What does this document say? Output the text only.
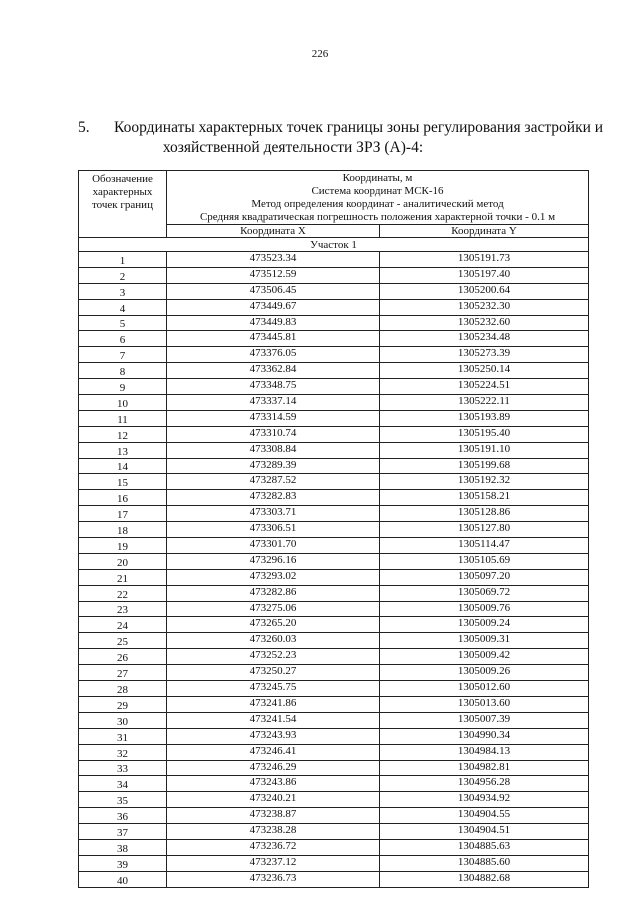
226
5. Координаты характерных точек границы зоны регулирования застройки и
хозяйственной деятельности ЗРЗ (А)-4:
Обозначение характерных точек границ	Координаты, м
Система координат МСК-16
Метод определения координат - аналитический метод
Средняя квадратическая погрешность положения характерной точки - 0.1 м	

	Координата X	Координата Y
Участок 1		
1	473523.34	1305191.73
2	473512.59	1305197.40
3	473506.45	1305200.64
4	473449.67	1305232.30
5	473449.83	1305232.60
6	473445.81	1305234.48
7	473376.05	1305273.39
8	473362.84	1305250.14
9	473348.75	1305224.51
10	473337.14	1305222.11
11	473314.59	1305193.89
12	473310.74	1305195.40
13	473308.84	1305191.10
14	473289.39	1305199.68
15	473287.52	1305192.32
16	473282.83	1305158.21
17	473303.71	1305128.86
18	473306.51	1305127.80
19	473301.70	1305114.47
20	473296.16	1305105.69
21	473293.02	1305097.20
22	473282.86	1305069.72
23	473275.06	1305009.76
24	473265.20	1305009.24
25	473260.03	1305009.31
26	473252.23	1305009.42
27	473250.27	1305009.26
28	473245.75	1305012.60
29	473241.86	1305013.60
30	473241.54	1305007.39
31	473243.93	1304990.34
32	473246.41	1304984.13
33	473246.29	1304982.81
34	473243.86	1304956.28
35	473240.21	1304934.92
36	473238.87	1304904.55
37	473238.28	1304904.51
38	473236.72	1304885.63
39	473237.12	1304885.60
40	473236.73	1304882.68
